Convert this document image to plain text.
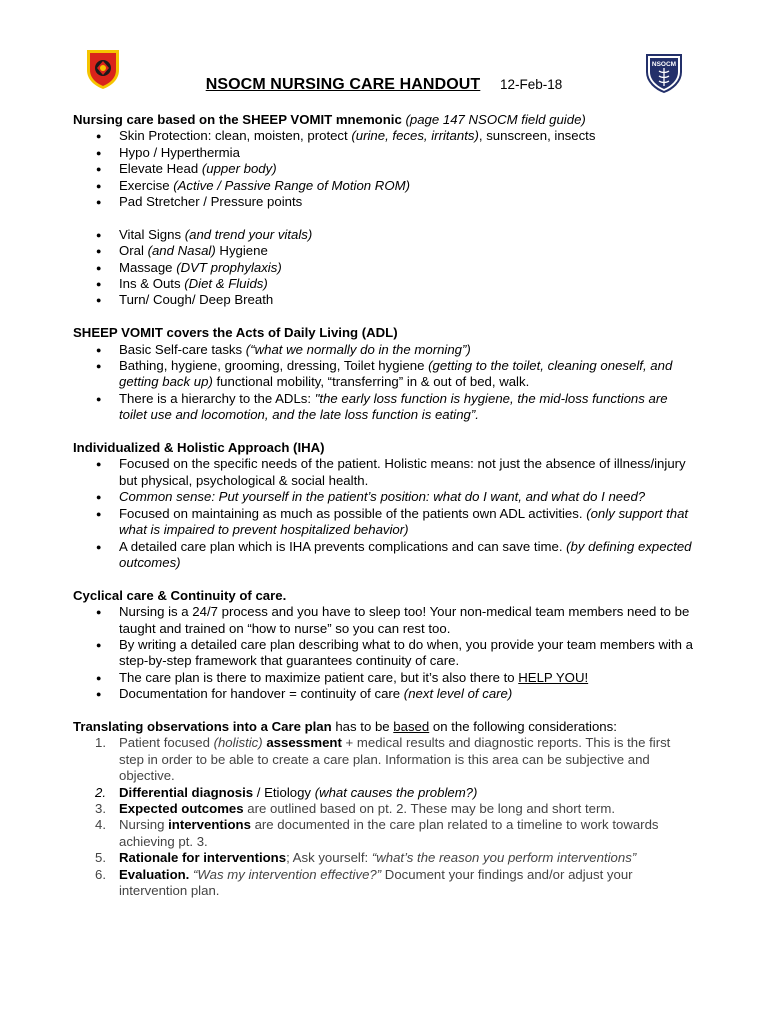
NSOCM
NSOCM NURSING CARE HANDOUT 12-Feb-18
Nursing care based on the SHEEP VOMIT mnemonic (page 147 NSOCM field guide)
● Skin Protection: clean, moisten, protect (urine, feces, irritants), sunscreen, insects
● Hypo / Hyperthermia
● Elevate Head (upper body)
● Exercise (Active / Passive Range of Motion ROM)
● Pad Stretcher / Pressure points
● Vital Signs (and trend your vitals)
● Oral (and Nasal) Hygiene
● Massage (DVT prophylaxis)
● Ins & Outs (Diet & Fluids)
● Turn/ Cough/ Deep Breath
SHEEP VOMIT covers the Acts of Daily Living (ADL)
● Basic Self-care tasks (“what we normally do in the morning”)
● Bathing, hygiene, grooming, dressing, Toilet hygiene (getting to the toilet, cleaning oneself, and getting back up) functional mobility, “transferring” in & out of bed, walk.
● There is a hierarchy to the ADLs: "the early loss function is hygiene, the mid-loss functions are toilet use and locomotion, and the late loss function is eating”.
Individualized & Holistic Approach (IHA)
● Focused on the specific needs of the patient. Holistic means: not just the absence of illness/injury but physical, psychological & social health.
● Common sense: Put yourself in the patient’s position: what do I want, and what do I need?
● Focused on maintaining as much as possible of the patients own ADL activities. (only support that what is impaired to prevent hospitalized behavior)
● A detailed care plan which is IHA prevents complications and can save time. (by defining expected outcomes)
Cyclical care & Continuity of care.
● Nursing is a 24/7 process and you have to sleep too! Your non-medical team members need to be taught and trained on “how to nurse” so you can rest too.
● By writing a detailed care plan describing what to do when, you provide your team members with a step-by-step framework that guarantees continuity of care.
● The care plan is there to maximize patient care, but it’s also there to HELP YOU!
● Documentation for handover = continuity of care (next level of care)
Translating observations into a Care plan has to be based on the following considerations:
1. Patient focused (holistic) assessment + medical results and diagnostic reports. This is the first step in order to be able to create a care plan. Information is this area can be subjective and objective.
2. Differential diagnosis / Etiology (what causes the problem?)
3. Expected outcomes are outlined based on pt. 2. These may be long and short term.
4. Nursing interventions are documented in the care plan related to a timeline to work towards achieving pt. 3.
5. Rationale for interventions; Ask yourself: “what’s the reason you perform interventions”
6. Evaluation. “Was my intervention effective?” Document your findings and/or adjust your intervention plan.
